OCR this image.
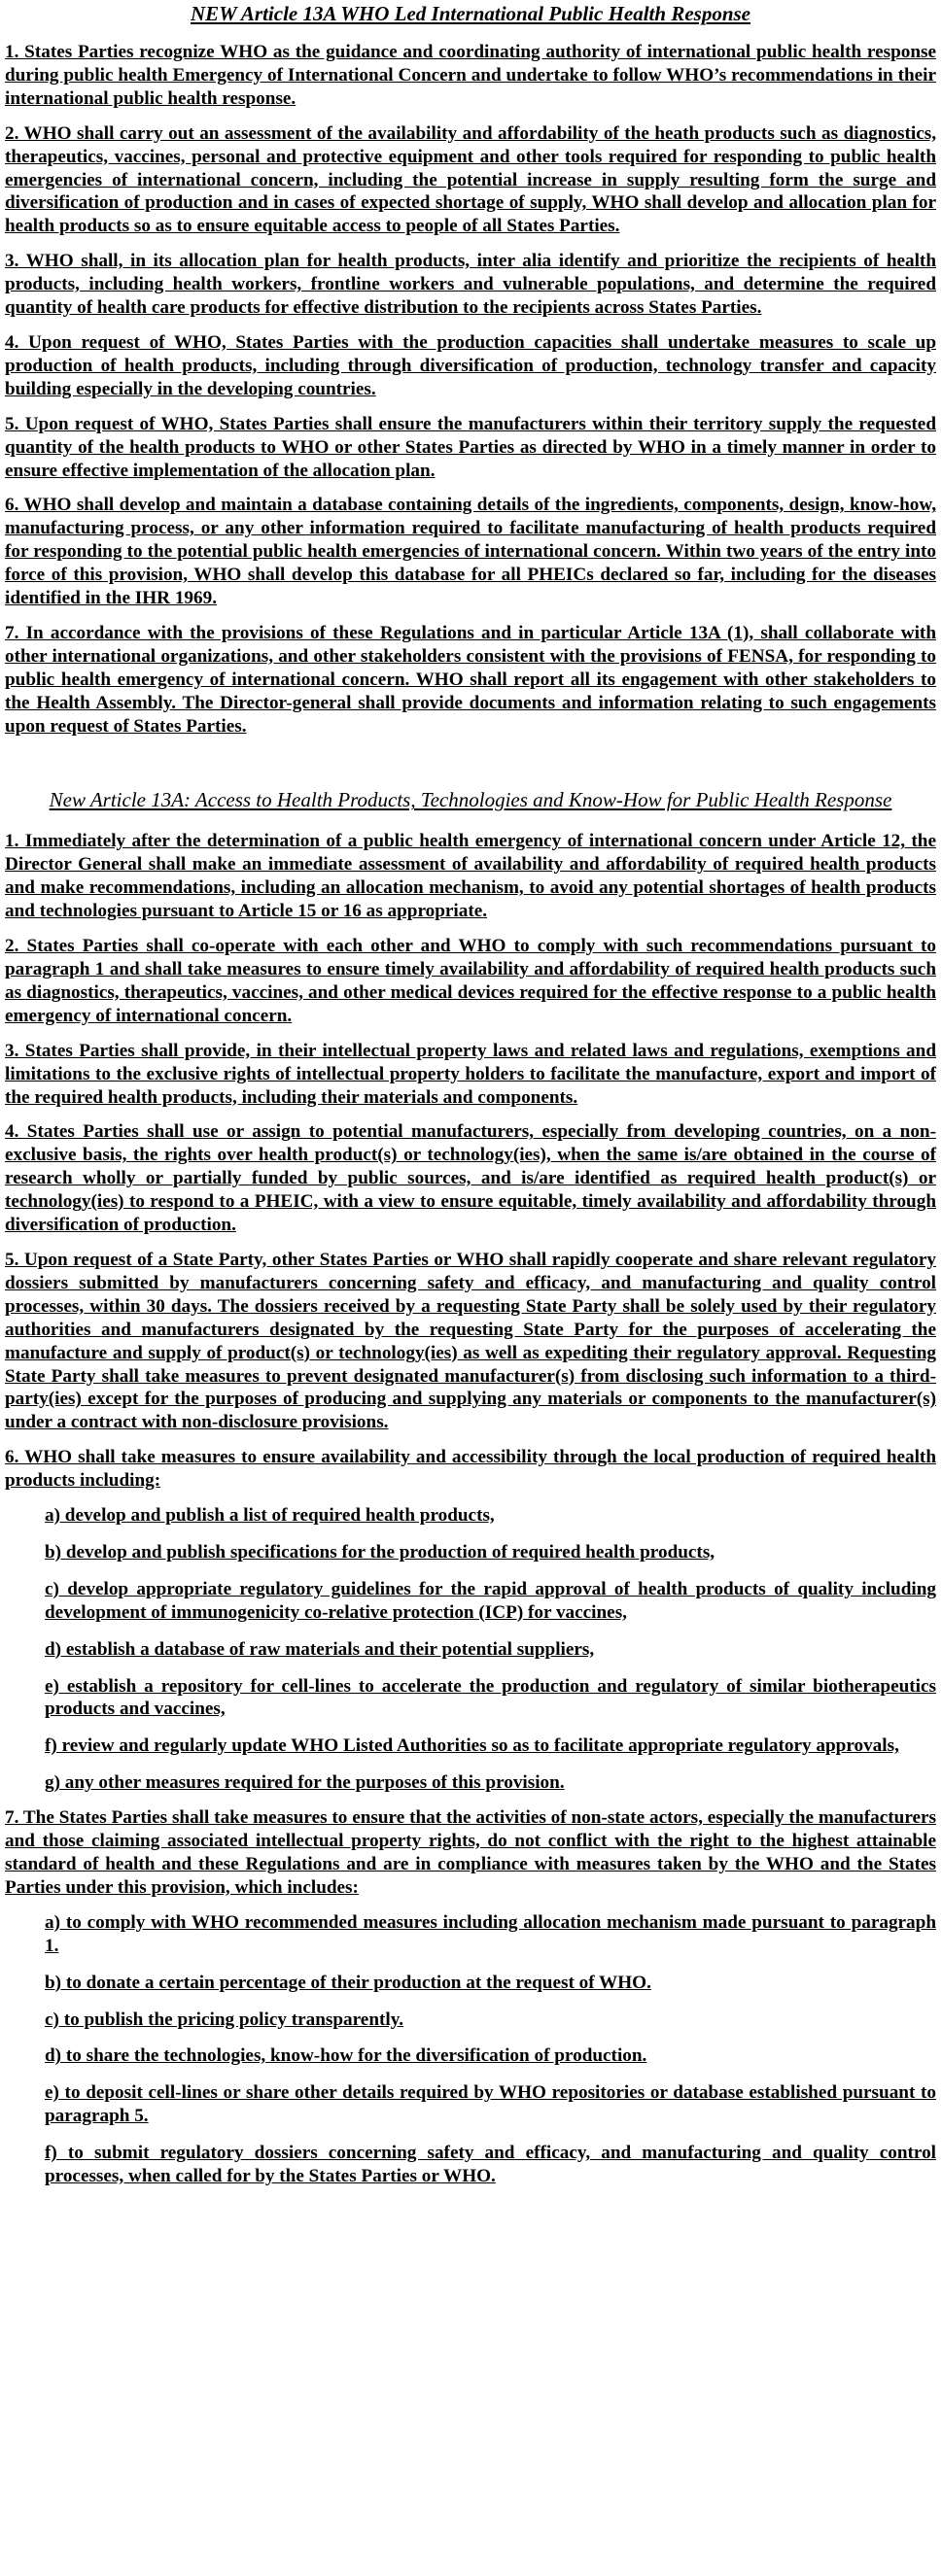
NEW Article 13A WHO Led International Public Health Response

1. States Parties recognize WHO as the guidance and coordinating authority of international public health response during public health Emergency of International Concern and undertake to follow WHO’s recommendations in their international public health response.

2. WHO shall carry out an assessment of the availability and affordability of the heath products such as diagnostics, therapeutics, vaccines, personal and protective equipment and other tools required for responding to public health emergencies of international concern, including the potential increase in supply resulting form the surge and diversification of production and in cases of expected shortage of supply, WHO shall develop and allocation plan for health products so as to ensure equitable access to people of all States Parties.

3. WHO shall, in its allocation plan for health products, inter alia identify and prioritize the recipients of health products, including health workers, frontline workers and vulnerable populations, and determine the required quantity of health care products for effective distribution to the recipients across States Parties.

4. Upon request of WHO, States Parties with the production capacities shall undertake measures to scale up production of health products, including through diversification of production, technology transfer and capacity building especially in the developing countries.

5. Upon request of WHO, States Parties shall ensure the manufacturers within their territory supply the requested quantity of the health products to WHO or other States Parties as directed by WHO in a timely manner in order to ensure effective implementation of the allocation plan.

6. WHO shall develop and maintain a database containing details of the ingredients, components, design, know-how, manufacturing process, or any other information required to facilitate manufacturing of health products required for responding to the potential public health emergencies of international concern. Within two years of the entry into force of this provision, WHO shall develop this database for all PHEICs declared so far, including for the diseases identified in the IHR 1969.

7. In accordance with the provisions of these Regulations and in particular Article 13A (1), shall collaborate with other international organizations, and other stakeholders consistent with the provisions of FENSA, for responding to public health emergency of international concern. WHO shall report all its engagement with other stakeholders to the Health Assembly. The Director-general shall provide documents and information relating to such engagements upon request of States Parties.

New Article 13A: Access to Health Products, Technologies and Know-How for Public Health Response

1. Immediately after the determination of a public health emergency of international concern under Article 12, the Director General shall make an immediate assessment of availability and affordability of required health products and make recommendations, including an allocation mechanism, to avoid any potential shortages of health products and technologies pursuant to Article 15 or 16 as appropriate.

2. States Parties shall co-operate with each other and WHO to comply with such recommendations pursuant to paragraph 1 and shall take measures to ensure timely availability and affordability of required health products such as diagnostics, therapeutics, vaccines, and other medical devices required for the effective response to a public health emergency of international concern.

3. States Parties shall provide, in their intellectual property laws and related laws and regulations, exemptions and limitations to the exclusive rights of intellectual property holders to facilitate the manufacture, export and import of the required health products, including their materials and components.

4. States Parties shall use or assign to potential manufacturers, especially from developing countries, on a non-exclusive basis, the rights over health product(s) or technology(ies), when the same is/are obtained in the course of research wholly or partially funded by public sources, and is/are identified as required health product(s) or technology(ies) to respond to a PHEIC, with a view to ensure equitable, timely availability and affordability through diversification of production.

5. Upon request of a State Party, other States Parties or WHO shall rapidly cooperate and share relevant regulatory dossiers submitted by manufacturers concerning safety and efficacy, and manufacturing and quality control processes, within 30 days. The dossiers received by a requesting State Party shall be solely used by their regulatory authorities and manufacturers designated by the requesting State Party for the purposes of accelerating the manufacture and supply of product(s) or technology(ies) as well as expediting their regulatory approval. Requesting State Party shall take measures to prevent designated manufacturer(s) from disclosing such information to a third-party(ies) except for the purposes of producing and supplying any materials or components to the manufacturer(s) under a contract with non-disclosure provisions.

6. WHO shall take measures to ensure availability and accessibility through the local production of required health products including:

a) develop and publish a list of required health products,

b) develop and publish specifications for the production of required health products,

c) develop appropriate regulatory guidelines for the rapid approval of health products of quality including development of immunogenicity co-relative protection (ICP) for vaccines,

d) establish a database of raw materials and their potential suppliers,

e) establish a repository for cell-lines to accelerate the production and regulatory of similar biotherapeutics products and vaccines,

f) review and regularly update WHO Listed Authorities so as to facilitate appropriate regulatory approvals,

g) any other measures required for the purposes of this provision.

7. The States Parties shall take measures to ensure that the activities of non-state actors, especially the manufacturers and those claiming associated intellectual property rights, do not conflict with the right to the highest attainable standard of health and these Regulations and are in compliance with measures taken by the WHO and the States Parties under this provision, which includes:

a) to comply with WHO recommended measures including allocation mechanism made pursuant to paragraph 1.

b) to donate a certain percentage of their production at the request of WHO.

c) to publish the pricing policy transparently.

d) to share the technologies, know-how for the diversification of production.

e) to deposit cell-lines or share other details required by WHO repositories or database established pursuant to paragraph 5.

f) to submit regulatory dossiers concerning safety and efficacy, and manufacturing and quality control processes, when called for by the States Parties or WHO.
